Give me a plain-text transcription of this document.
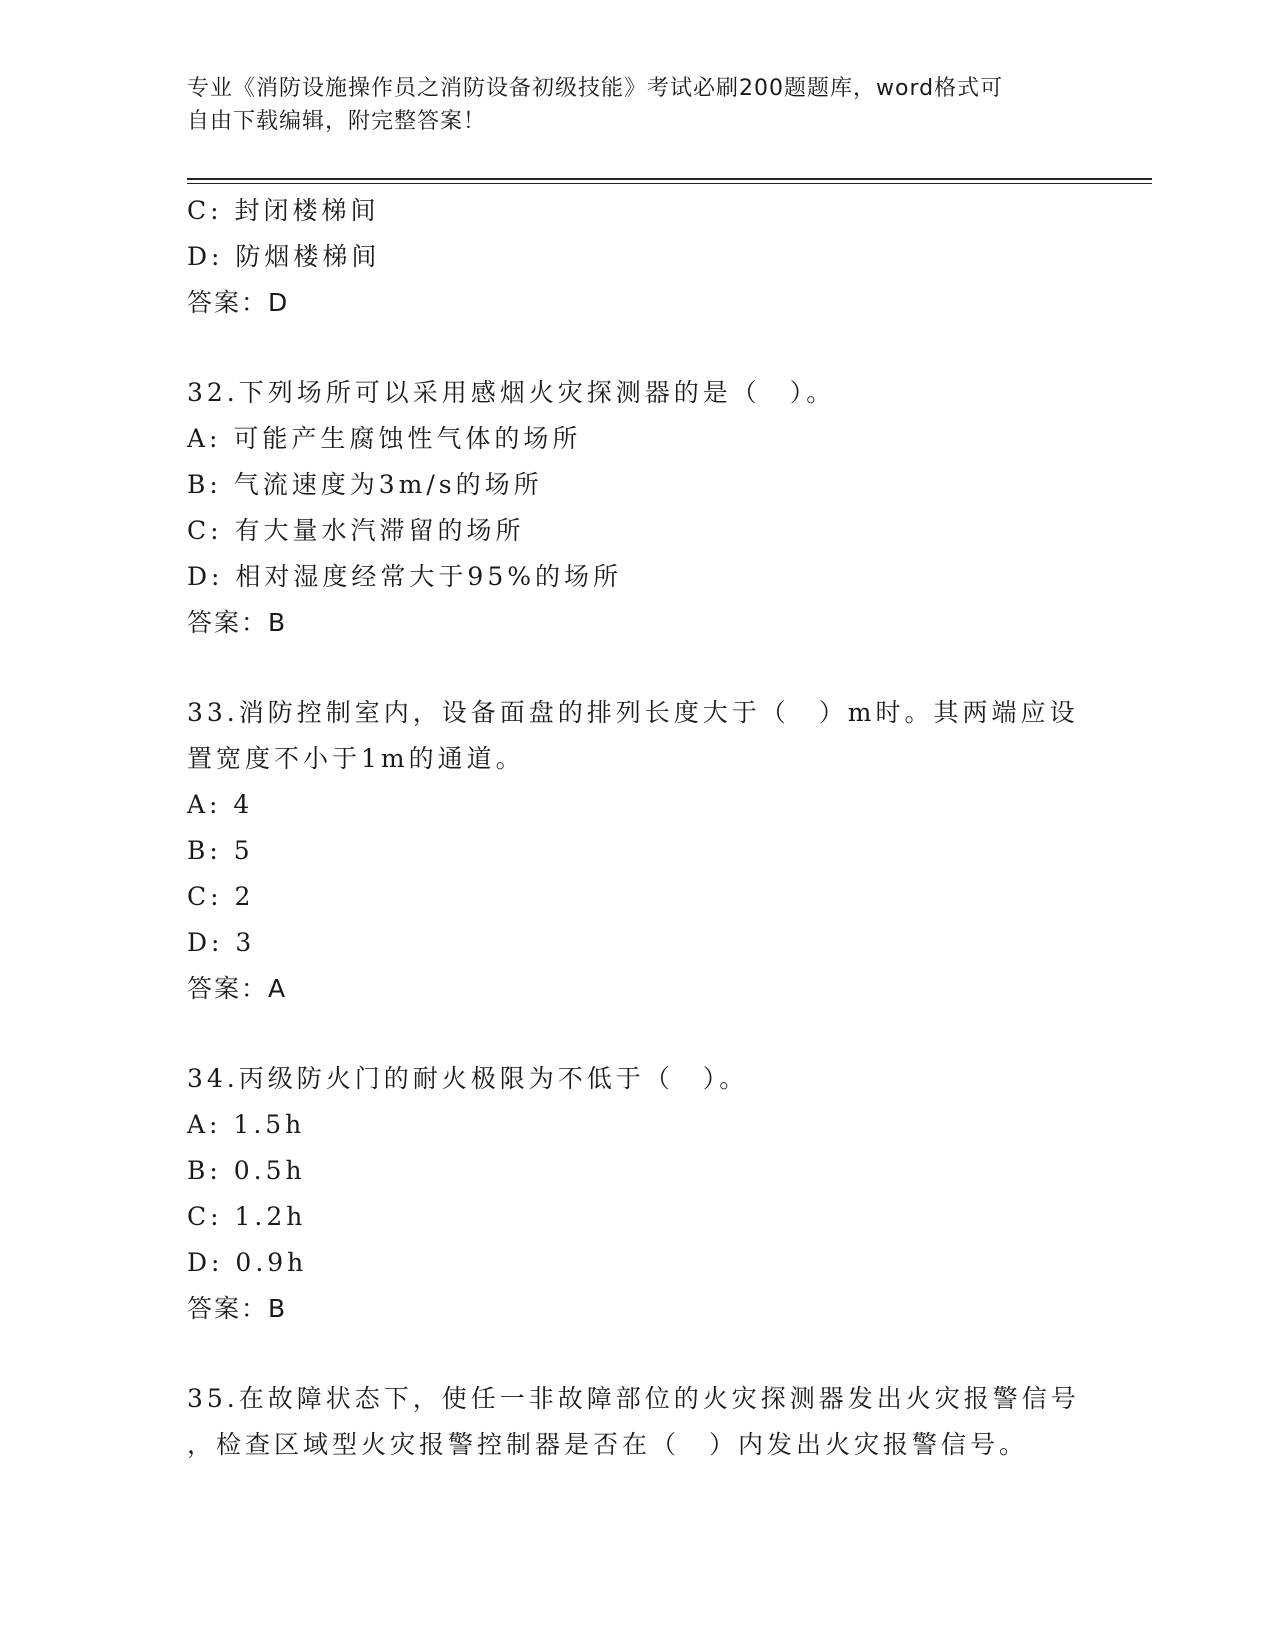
专业《消防设施操作员之消防设备初级技能》考试必刷200题题库，word格式可
自由下载编辑，附完整答案！
C: 封闭楼梯间
D: 防烟楼梯间
答案：D
32.下列场所可以采用感烟火灾探测器的是（　）。
A: 可能产生腐蚀性气体的场所
B: 气流速度为3m/s的场所
C: 有大量水汽滞留的场所
D: 相对湿度经常大于95%的场所
答案：B
33.消防控制室内，设备面盘的排列长度大于（　）m时。其两端应设
置宽度不小于1m的通道。
A: 4
B: 5
C: 2
D: 3
答案：A
34.丙级防火门的耐火极限为不低于（　）。
A: 1.5h
B: 0.5h
C: 1.2h
D: 0.9h
答案：B
35.在故障状态下，使任一非故障部位的火灾探测器发出火灾报警信号
，检查区域型火灾报警控制器是否在（　）内发出火灾报警信号。
